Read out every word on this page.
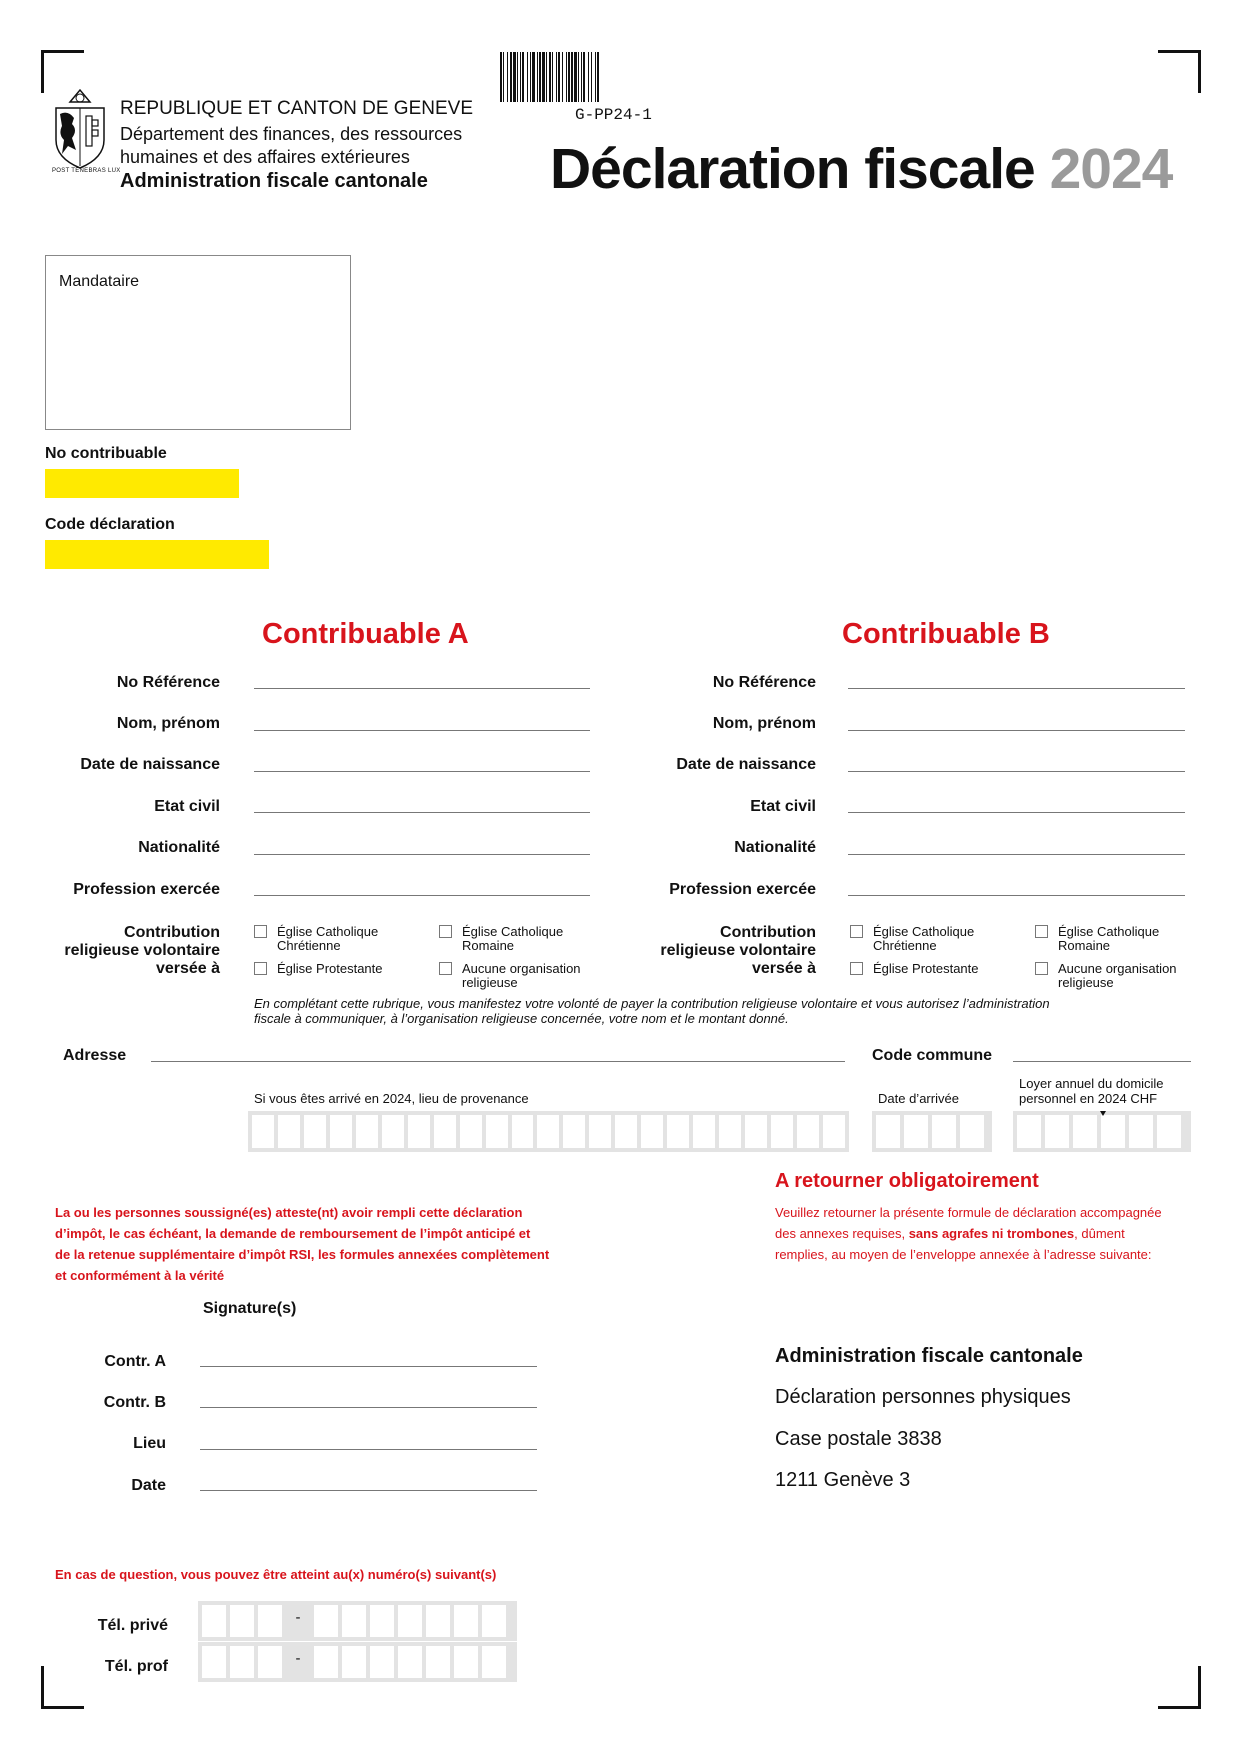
POST TENEBRAS LUX
REPUBLIQUE ET CANTON DE GENEVE
Département des finances, des ressources
humaines et des affaires extérieures
Administration fiscale cantonale
G-PP24-1
Déclaration fiscale 2024
Mandataire
No contribuable
Code déclaration
Contribuable A	Contribuable B
No Référence
Nom, prénom
Date de naissance
Etat civil
Nationalité
Profession exercée
No Référence
Nom, prénom
Date de naissance
Etat civil
Nationalité
Profession exercée
Contribution
religieuse volontaire
versée à
Église Catholique
Chrétienne
Église Catholique
Romaine
Église Protestante	Aucune organisation
religieuse
Contribution
religieuse volontaire
versée à
Église Catholique
Chrétienne
Église Catholique
Romaine
Église Protestante	Aucune organisation
religieuse
En complétant cette rubrique, vous manifestez votre volonté de payer la contribution religieuse volontaire et vous autorisez l’administration
fiscale à communiquer, à l’organisation religieuse concernée, votre nom et le montant donné.
Adresse	Code commune
Si vous êtes arrivé en 2024, lieu de provenance	Date d’arrivée
Loyer annuel du domicile
personnel en 2024 CHF
La ou les personnes soussigné(es) atteste(nt) avoir rempli cette déclaration
d’impôt, le cas échéant, la demande de remboursement de l’impôt anticipé et
de la retenue supplémentaire d’impôt RSI, les formules annexées complètement
et conformément à la vérité
A retourner obligatoirement
Veuillez retourner la présente formule de déclaration accompagnée
des annexes requises, sans agrafes ni trombones, dûment
remplies, au moyen de l’enveloppe annexée à l’adresse suivante:
Signature(s)
Contr. A
Contr. B
Lieu
Date
Administration fiscale cantonale
Déclaration personnes physiques
Case postale 3838
1211 Genève 3
En cas de question, vous pouvez être atteint au(x) numéro(s) suivant(s)
Tél. privé	-
Tél. prof	-
